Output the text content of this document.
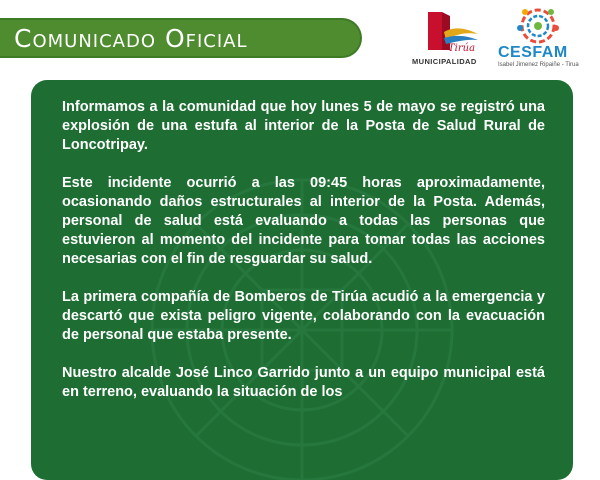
Comunicado Oficial	Tirúa
MUNICIPALIDAD
CESFAM
Isabel Jimenez Ripaiñe - Tirua

Informamos a la comunidad que hoy lunes 5 de mayo se registró una explosión de una estufa al interior de la Posta de Salud Rural de Loncotripay.

Este incidente ocurrió a las 09:45 horas aproximadamente, ocasionando daños estructurales al interior de la Posta. Además, personal de salud está evaluando a todas las personas que estuvieron al momento del incidente para tomar todas las acciones necesarias con el fin de resguardar su salud.

La primera compañía de Bomberos de Tirúa acudió a la emergencia y descartó que exista peligro vigente, colaborando con la evacuación de personal que estaba presente.

Nuestro alcalde José Linco Garrido junto a un equipo municipal está en terreno, evaluando la situación de los
